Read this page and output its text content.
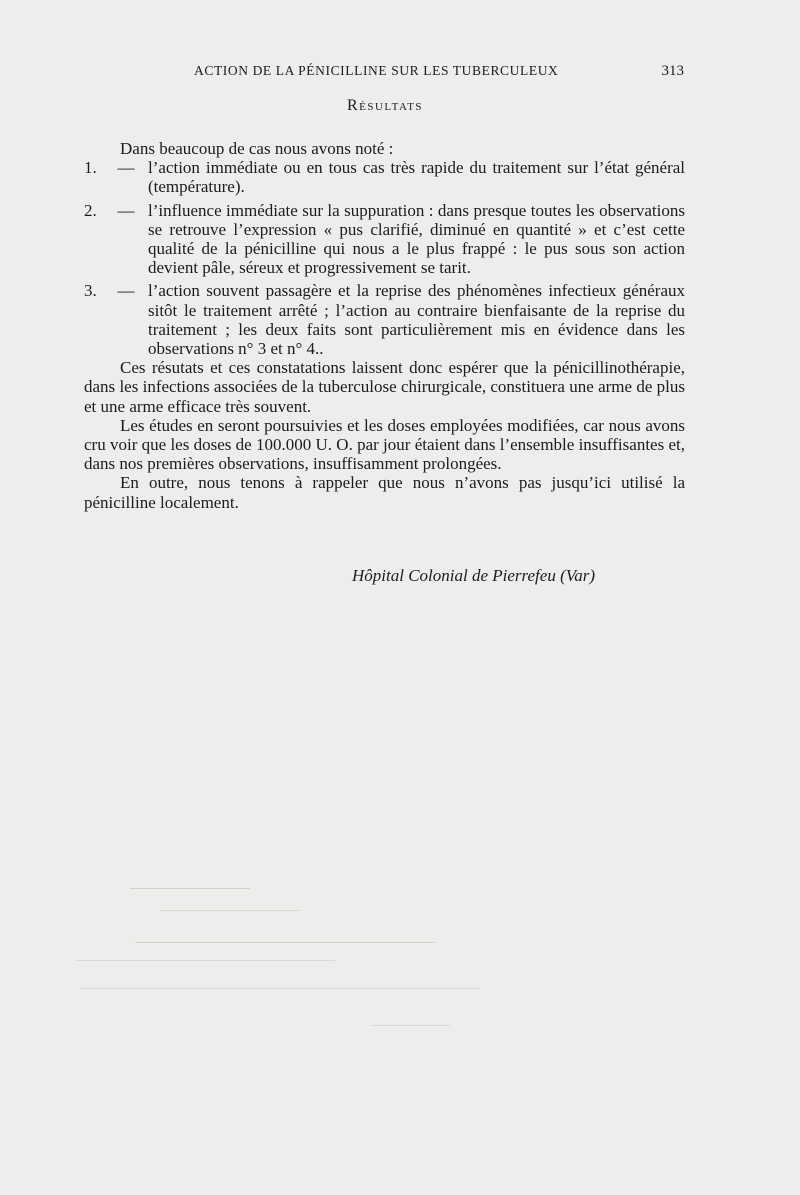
ACTION DE LA PÉNICILLINE SUR LES TUBERCULEUX	313
Résultats

Dans beaucoup de cas nous avons noté :

1.	— l’action immédiate ou en tous cas très rapide du traitement sur l’état général (température).
2.	— l’influence immédiate sur la suppuration : dans presque toutes les observations se retrouve l’expression « pus clarifié, diminué en quantité » et c’est cette qualité de la pénicilline qui nous a le plus frappé : le pus sous son action devient pâle, séreux et progressivement se tarit.
3.	— l’action souvent passagère et la reprise des phénomènes infectieux généraux sitôt le traitement arrêté ; l’action au contraire bienfaisante de la reprise du traitement ; les deux faits sont particulièrement mis en évidence dans les observations n° 3 et n° 4..

Ces résutats et ces constatations laissent donc espérer que la pénicillinothérapie, dans les infections associées de la tuberculose chirurgicale, constituera une arme de plus et une arme efficace très souvent.

Les études en seront poursuivies et les doses employées modifiées, car nous avons cru voir que les doses de 100.000 U. O. par jour étaient dans l’ensemble insuffisantes et, dans nos premières observations, insuffisamment prolongées.

En outre, nous tenons à rappeler que nous n’avons pas jusqu’ici utilisé la pénicilline localement.

Hôpital Colonial de Pierrefeu (Var)
